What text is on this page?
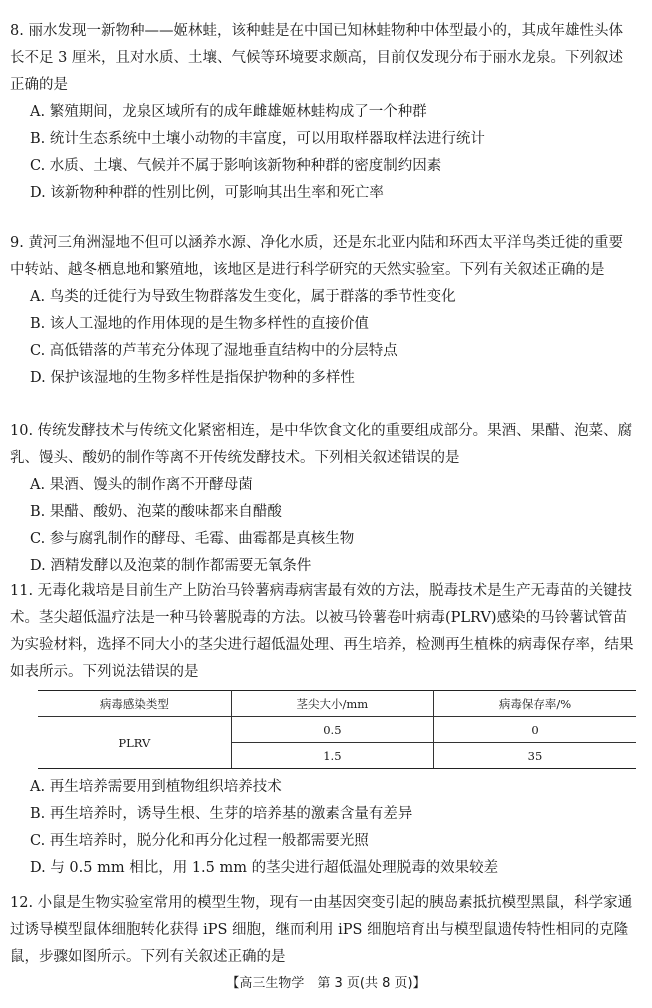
8. 丽水发现一新物种——姬林蛙，该种蛙是在中国已知林蛙物种中体型最小的，其成年雄性头体长不足 3 厘米，且对水质、土壤、气候等环境要求颇高，目前仅发现分布于丽水龙泉。下列叙述正确的是

A. 繁殖期间，龙泉区域所有的成年雌雄姬林蛙构成了一个种群

B. 统计生态系统中土壤小动物的丰富度，可以用取样器取样法进行统计

C. 水质、土壤、气候并不属于影响该新物种种群的密度制约因素

D. 该新物种种群的性别比例，可影响其出生率和死亡率

9. 黄河三角洲湿地不但可以涵养水源、净化水质，还是东北亚内陆和环西太平洋鸟类迁徙的重要中转站、越冬栖息地和繁殖地，该地区是进行科学研究的天然实验室。下列有关叙述正确的是

A. 鸟类的迁徙行为导致生物群落发生变化，属于群落的季节性变化

B. 该人工湿地的作用体现的是生物多样性的直接价值

C. 高低错落的芦苇充分体现了湿地垂直结构中的分层特点

D. 保护该湿地的生物多样性是指保护物种的多样性

10. 传统发酵技术与传统文化紧密相连，是中华饮食文化的重要组成部分。果酒、果醋、泡菜、腐乳、馒头、酸奶的制作等离不开传统发酵技术。下列相关叙述错误的是

A. 果酒、馒头的制作离不开酵母菌

B. 果醋、酸奶、泡菜的酸味都来自醋酸

C. 参与腐乳制作的酵母、毛霉、曲霉都是真核生物

D. 酒精发酵以及泡菜的制作都需要无氧条件

11. 无毒化栽培是目前生产上防治马铃薯病毒病害最有效的方法，脱毒技术是生产无毒苗的关键技术。茎尖超低温疗法是一种马铃薯脱毒的方法。以被马铃薯卷叶病毒(PLRV)感染的马铃薯试管苗为实验材料，选择不同大小的茎尖进行超低温处理、再生培养，检测再生植株的病毒保存率，结果如表所示。下列说法错误的是

病毒感染类型	茎尖大小/mm	病毒保存率/%
PLRV	0.5	0
	1.5	35

A. 再生培养需要用到植物组织培养技术

B. 再生培养时，诱导生根、生芽的培养基的激素含量有差异

C. 再生培养时，脱分化和再分化过程一般都需要光照

D. 与 0.5 mm 相比，用 1.5 mm 的茎尖进行超低温处理脱毒的效果较差

12. 小鼠是生物实验室常用的模型生物，现有一由基因突变引起的胰岛素抵抗模型黑鼠，科学家通过诱导模型鼠体细胞转化获得 iPS 细胞，继而利用 iPS 细胞培育出与模型鼠遗传特性相同的克隆鼠，步骤如图所示。下列有关叙述正确的是

【高三生物学　第 3 页(共 8 页)】
